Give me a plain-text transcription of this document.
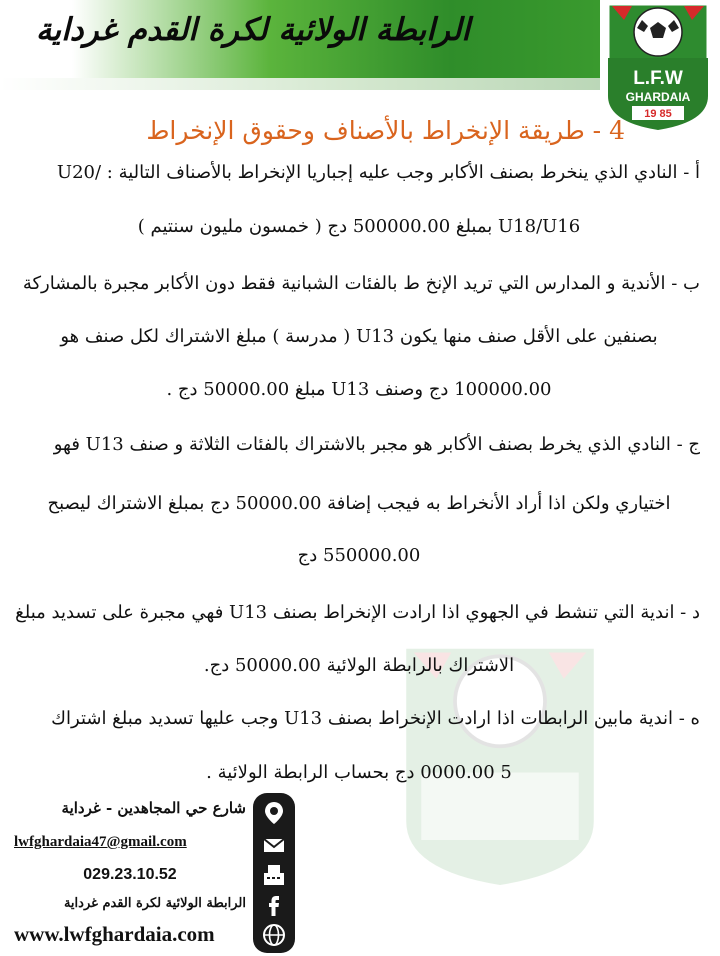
الرابطة الولائية لكرة القدم غرداية
L.F.W
GHARDAIA
19 85
4 - طريقة الإنخراط بالأصناف وحقوق الإنخراط
أ - النادي الذي ينخرط بصنف الأكابر وجب عليه إجباريا الإنخراط بالأصناف التالية : /U20
U18/U16 بمبلغ 500000.00 دج ( خمسون مليون سنتيم )
ب - الأندية و المدارس التي تريد الإنخ ط بالفئات الشبانية فقط دون الأكابر مجبرة بالمشاركة
بصنفين على الأقل صنف منها يكون U13 ( مدرسة ) مبلغ الاشتراك لكل صنف هو
100000.00 دج وصنف U13 مبلغ 50000.00 دج .
ج - النادي الذي يخرط بصنف الأكابر هو مجبر بالاشتراك بالفئات الثلاثة و صنف U13 فهو
اختياري ولكن اذا أراد الأنخراط به فيجب إضافة 50000.00 دج بمبلغ الاشتراك ليصبح
550000.00 دج
د - اندية التي تنشط في الجهوي اذا ارادت الإنخراط بصنف U13 فهي مجبرة على تسديد مبلغ
الاشتراك بالرابطة الولائية 50000.00 دج.
ه - اندية مابين الرابطات اذا ارادت الإنخراط بصنف U13 وجب عليها تسديد مبلغ اشتراك
5 0000.00 دج بحساب الرابطة الولائية .
شارع حي المجاهدين - غرداية
lwfghardaia47@gmail.com
029.23.10.52
الرابطة الولائية لكرة القدم غرداية
www.lwfghardaia.com
